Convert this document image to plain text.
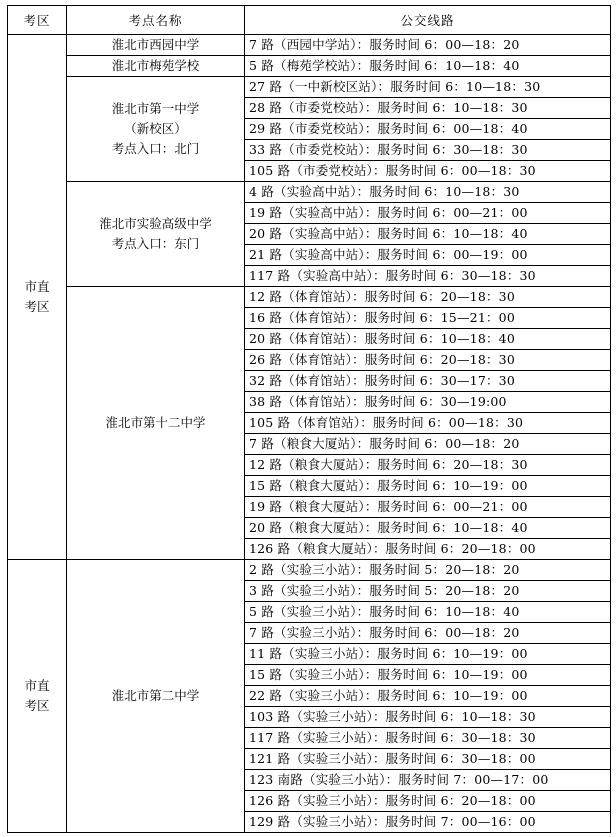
考区	考点名称	公交线路

市直
考区	淮北市西园中学	7 路（西园中学站）：服务时间 6：00—18：20

	淮北市梅苑学校	5 路（梅苑学校站）：服务时间 6：10—18：40

	淮北市第一中学
（新校区）
考点入口：北门	27 路（一中新校区站）：服务时间 6：10—18：30
		28 路（市委党校站）：服务时间 6：10—18：30
		29 路（市委党校站）：服务时间 6：00—18：40
		33 路（市委党校站）：服务时间 6：30—18：30
		105 路（市委党校站）：服务时间 6：00—18：30

	淮北市实验高级中学
考点入口：东门	4 路（实验高中站）：服务时间 6：10—18：30
		19 路（实验高中站）：服务时间 6：00—21：00
		20 路（实验高中站）：服务时间 6：10—18：40
		21 路（实验高中站）：服务时间 6：00—19：00
		117 路（实验高中站）：服务时间 6：30—18：30

	淮北市第十二中学	12 路（体育馆站）：服务时间 6：20—18：30
		16 路（体育馆站）：服务时间 6：15—21：00
		20 路（体育馆站）：服务时间 6：10—18：40
		26 路（体育馆站）：服务时间 6：20—18：30
		32 路（体育馆站）：服务时间 6：30—17：30
		38 路（体育馆站）：服务时间 6：30—19:00
		105 路（体育馆站）：服务时间 6：00—18：30
		7 路（粮食大厦站）：服务时间 6：00—18：20
		12 路（粮食大厦站）：服务时间 6：20—18：30
		15 路（粮食大厦站）：服务时间 6：10—19：00
		19 路（粮食大厦站）：服务时间 6：00—21：00
		20 路（粮食大厦站）：服务时间 6：10—18：40
		126 路（粮食大厦站）：服务时间 6：20—18：00

市直
考区	淮北市第二中学	2 路（实验三小站）：服务时间 5：20—18：20
		3 路（实验三小站）：服务时间 5：20—18：20
		5 路（实验三小站）：服务时间 6：10—18：40
		7 路（实验三小站）：服务时间 6：00—18：20
		11 路（实验三小站）：服务时间 6：10—19：00
		15 路（实验三小站）：服务时间 6：10—19：00
		22 路（实验三小站）：服务时间 6：10—19：00
		103 路（实验三小站）：服务时间 6：10—18：30
		117 路（实验三小站）：服务时间 6：30—18：30
		121 路（实验三小站）：服务时间 6：30—18：00
		123 南路（实验三小站）：服务时间 7：00—17：00
		126 路（实验三小站）：服务时间 6：20—18：00
		129 路（实验三小站）：服务时间 7：00—16：00
